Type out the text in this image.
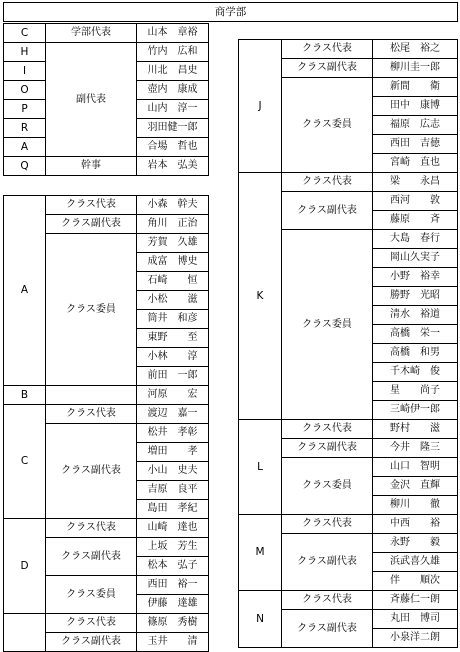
商学部
C	学部代表	山本　章裕
H	副代表	竹内　広和
I		川北　昌史
O		壺内　康成
P		山内　淳一
R		羽田健一郎
A		合場　哲也
Q	幹事	岩本　弘美
J	クラス代表	松尾　裕之
	クラス副代表	柳川圭一郎
	クラス委員	新間　　衛
		田中　康博
		福原　広志
		西田　吉徳
		宮崎　直也
K	クラス代表	梁　　永昌
	クラス副代表	西河　　敦
		藤原　　斉
	クラス委員	大島　春行
		岡山久実子
		小野　裕幸
		勝野　光昭
		清水　裕道
		高橋　栄一
		高橋　和男
		千木崎　俊
		星　　尚子
		三崎伊一郎
L	クラス代表	野村　　滋
	クラス副代表	今井　隆三
	クラス委員	山口　智明
		金沢　直輝
		柳川　　徹
M	クラス代表	中西　　裕
	クラス副代表	永野　　毅
		浜武喜久雄
		伴　　順次
N	クラス代表	斉藤仁一朗
	クラス副代表	丸田　博司
		小泉洋二朗
A	クラス代表	小森　幹夫
	クラス副代表	角川　正治
	クラス委員	芳賀　久雄
		成富　博史
		石崎　　恒
		小松　　滋
		筒井　和彦
		東野　　至
		小林　　淳
		前田　一郎
B		河原　　宏
C	クラス代表	渡辺　嘉一
	クラス副代表	松井　孝彰
		増田　　孝
		小山　史夫
		吉原　良平
		島田　孝紀
D	クラス代表	山崎　達也
	クラス副代表	上坂　芳生
		松本　弘子
	クラス委員	西田　裕一
		伊藤　達雄
	クラス代表	篠原　秀樹
	クラス副代表	玉井　　清
